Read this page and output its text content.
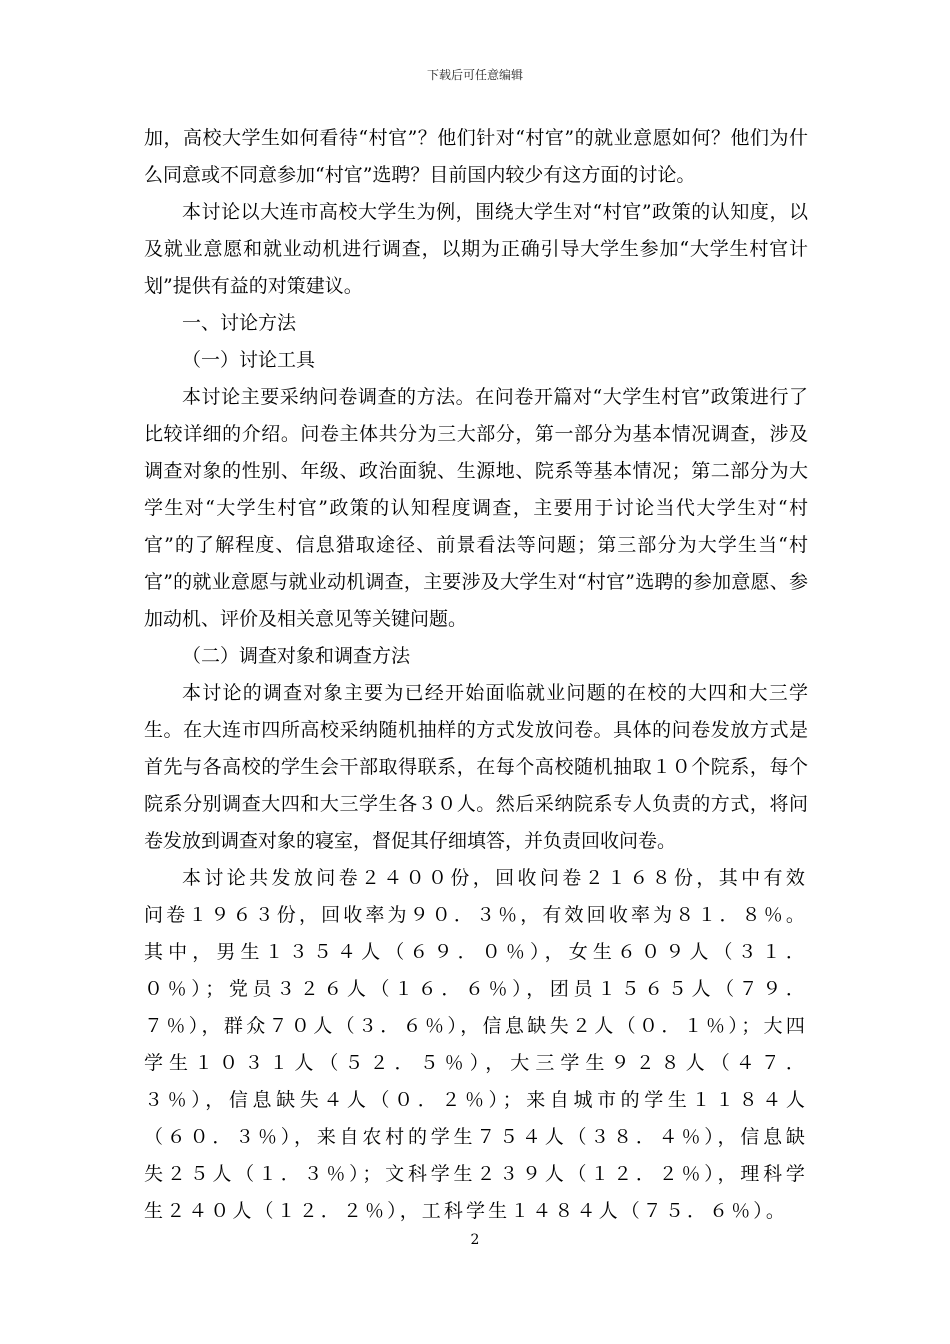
下载后可任意编辑

加，高校大学生如何看待“村官”？他们针对“村官”的就业意愿如何？他们为什么同意或不同意参加“村官”选聘？目前国内较少有这方面的讨论。

本讨论以大连市高校大学生为例，围绕大学生对“村官”政策的认知度，以及就业意愿和就业动机进行调查，以期为正确引导大学生参加“大学生村官计划”提供有益的对策建议。

一、讨论方法

（一）讨论工具

本讨论主要采纳问卷调查的方法。在问卷开篇对“大学生村官”政策进行了比较详细的介绍。问卷主体共分为三大部分，第一部分为基本情况调查，涉及调查对象的性别、年级、政治面貌、生源地、院系等基本情况；第二部分为大学生对“大学生村官”政策的认知程度调查，主要用于讨论当代大学生对“村官”的了解程度、信息猎取途径、前景看法等问题；第三部分为大学生当“村官”的就业意愿与就业动机调查，主要涉及大学生对“村官”选聘的参加意愿、参加动机、评价及相关意见等关键问题。

（二）调查对象和调查方法

本讨论的调查对象主要为已经开始面临就业问题的在校的大四和大三学生。在大连市四所高校采纳随机抽样的方式发放问卷。具体的问卷发放方式是首先与各高校的学生会干部取得联系，在每个高校随机抽取１０个院系，每个院系分别调查大四和大三学生各３０人。然后采纳院系专人负责的方式，将问卷发放到调查对象的寝室，督促其仔细填答，并负责回收问卷。

本讨论共发放问卷２４００份，回收问卷２１６８份，其中有效问卷１９６３份，回收率为９０．３％，有效回收率为８１．８％。其中，男生１３５４人（６９．０％），女生６０９人（３１．０％）；党员３２６人（１６．６％），团员１５６５人（７９．７％），群众７０人（３．６％），信息缺失２人（０．１％）；大四学生１０３１人（５２．５％），大三学生９２８人（４７．３％），信息缺失４人（０．２％）；来自城市的学生１１８４人（６０．３％），来自农村的学生７５４人（３８．４％），信息缺失２５人（１．３％）；文科学生２３９人（１２．２％），理科学生２４０人（１２．２％），工科学生１４８４人（７５．６％）。

2
